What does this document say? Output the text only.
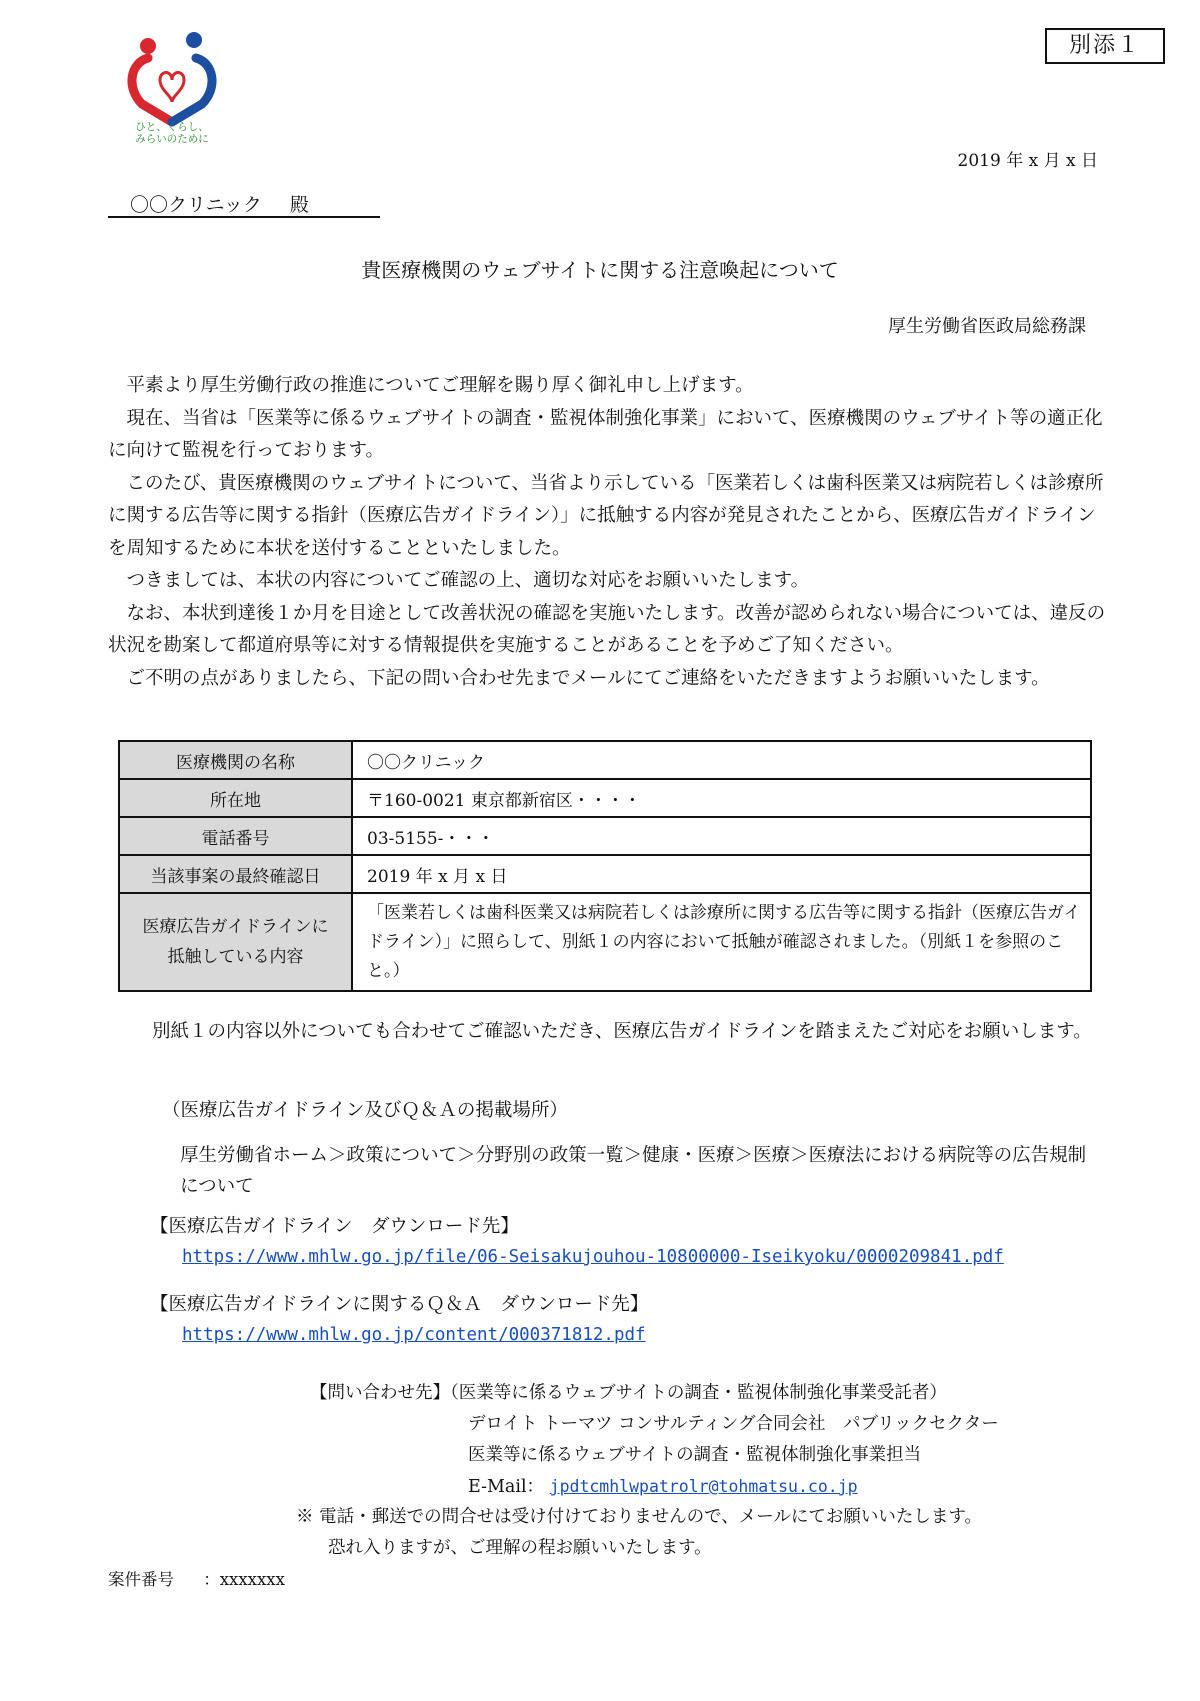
ひと、くらし、
みらいのために
別添１
2019 年 x 月 x 日
〇〇クリニック 殿
貴医療機関のウェブサイトに関する注意喚起について
厚生労働省医政局総務課

平素より厚生労働行政の推進についてご理解を賜り厚く御礼申し上げます。

現在、当省は「医業等に係るウェブサイトの調査・監視体制強化事業」において、医療機関のウェブサイト等の適正化に向けて監視を行っております。

このたび、貴医療機関のウェブサイトについて、当省より示している「医業若しくは歯科医業又は病院若しくは診療所に関する広告等に関する指針（医療広告ガイドライン）」に抵触する内容が発見されたことから、医療広告ガイドラインを周知するために本状を送付することといたしました。

つきましては、本状の内容についてご確認の上、適切な対応をお願いいたします。

なお、本状到達後１か月を目途として改善状況の確認を実施いたします。改善が認められない場合については、違反の状況を勘案して都道府県等に対する情報提供を実施することがあることを予めご了知ください。

ご不明の点がありましたら、下記の問い合わせ先までメールにてご連絡をいただきますようお願いいたします。

医療機関の名称	〇〇クリニック
所在地	〒160-0021 東京都新宿区・・・・
電話番号	03-5155-・・・
当該事案の最終確認日	2019 年 x 月 x 日
医療広告ガイドラインに抵触している内容	「医業若しくは歯科医業又は病院若しくは診療所に関する広告等に関する指針（医療広告ガイドライン）」に照らして、別紙１の内容において抵触が確認されました。（別紙１を参照のこと。）
別紙１の内容以外についても合わせてご確認いただき、医療広告ガイドラインを踏まえたご対応をお願いします。
（医療広告ガイドライン及びＱ＆Ａの掲載場所）
厚生労働省ホーム＞政策について＞分野別の政策一覧＞健康・医療＞医療＞医療法における病院等の広告規制について
【医療広告ガイドライン　ダウンロード先】
https://www.mhlw.go.jp/file/06-Seisakujouhou-10800000-Iseikyoku/0000209841.pdf
【医療広告ガイドラインに関するＱ＆Ａ　ダウンロード先】
https://www.mhlw.go.jp/content/000371812.pdf
【問い合わせ先】（医業等に係るウェブサイトの調査・監視体制強化事業受託者）
デロイト トーマツ コンサルティング合同会社　パブリックセクター
医業等に係るウェブサイトの調査・監視体制強化事業担当
E-Mail： jpdtcmhlwpatrolr@tohmatsu.co.jp
※ 電話・郵送での問合せは受け付けておりませんので、メールにてお願いいたします。
恐れ入りますが、ご理解の程お願いいたします。
案件番号 ：xxxxxxx
